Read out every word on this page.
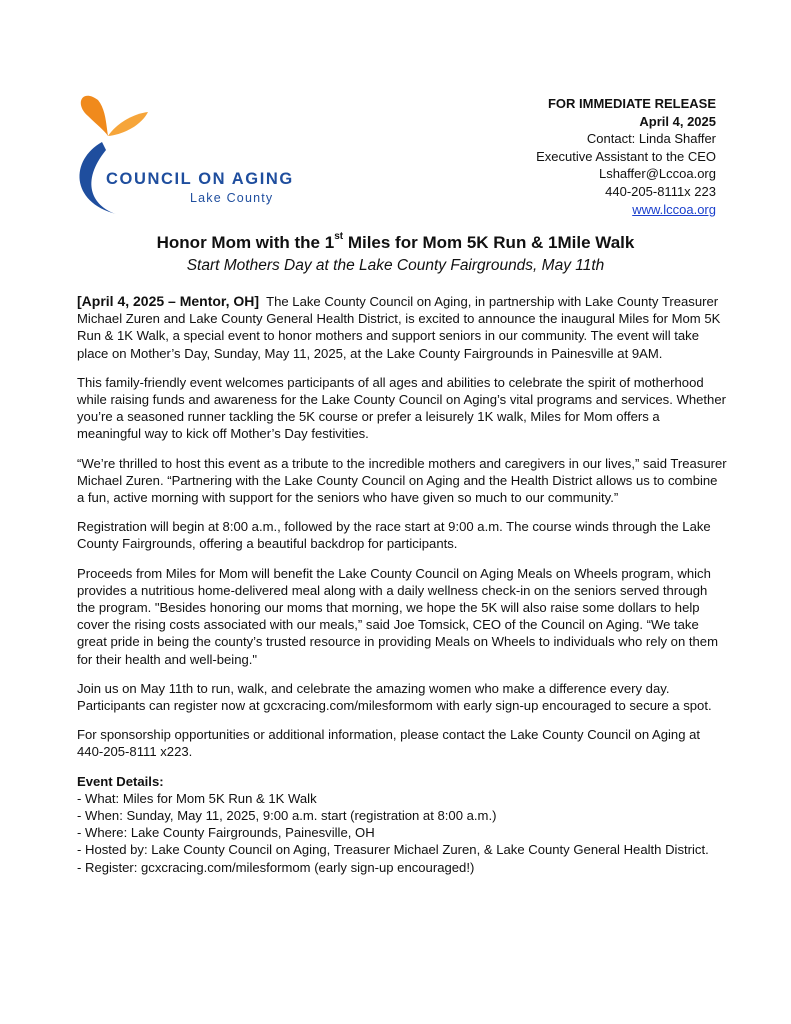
COUNCIL ON AGING
Lake County
FOR IMMEDIATE RELEASE
April 4, 2025
Contact: Linda Shaffer
Executive Assistant to the CEO
Lshaffer@Lccoa.org
440-205-8111x 223
www.lccoa.org
Honor Mom with the 1st Miles for Mom 5K Run & 1Mile Walk
Start Mothers Day at the Lake County Fairgrounds, May 11th

[April 4, 2025 – Mentor, OH] The Lake County Council on Aging, in partnership with Lake County Treasurer Michael Zuren and Lake County General Health District, is excited to announce the inaugural Miles for Mom 5K Run & 1K Walk, a special event to honor mothers and support seniors in our community. The event will take place on Mother’s Day, Sunday, May 11, 2025, at the Lake County Fairgrounds in Painesville at 9AM.

This family-friendly event welcomes participants of all ages and abilities to celebrate the spirit of motherhood while raising funds and awareness for the Lake County Council on Aging’s vital programs and services. Whether you’re a seasoned runner tackling the 5K course or prefer a leisurely 1K walk, Miles for Mom offers a meaningful way to kick off Mother’s Day festivities.

“We’re thrilled to host this event as a tribute to the incredible mothers and caregivers in our lives,” said Treasurer Michael Zuren. “Partnering with the Lake County Council on Aging and the Health District allows us to combine a fun, active morning with support for the seniors who have given so much to our community.”

Registration will begin at 8:00 a.m., followed by the race start at 9:00 a.m. The course winds through the Lake County Fairgrounds, offering a beautiful backdrop for participants.

Proceeds from Miles for Mom will benefit the Lake County Council on Aging Meals on Wheels program, which provides a nutritious home-delivered meal along with a daily wellness check-in on the seniors served through the program. "Besides honoring our moms that morning, we hope the 5K will also raise some dollars to help cover the rising costs associated with our meals,” said Joe Tomsick, CEO of the Council on Aging. “We take great pride in being the county’s trusted resource in providing Meals on Wheels to individuals who rely on them for their health and well-being."

Join us on May 11th to run, walk, and celebrate the amazing women who make a difference every day. Participants can register now at gcxcracing.com/milesformom with early sign-up encouraged to secure a spot.

For sponsorship opportunities or additional information, please contact the Lake County Council on Aging at 440-205-8111 x223.

Event Details:
- What: Miles for Mom 5K Run & 1K Walk
- When: Sunday, May 11, 2025, 9:00 a.m. start (registration at 8:00 a.m.)
- Where: Lake County Fairgrounds, Painesville, OH
- Hosted by: Lake County Council on Aging, Treasurer Michael Zuren, & Lake County General Health District.
- Register: gcxcracing.com/milesformom (early sign-up encouraged!)
